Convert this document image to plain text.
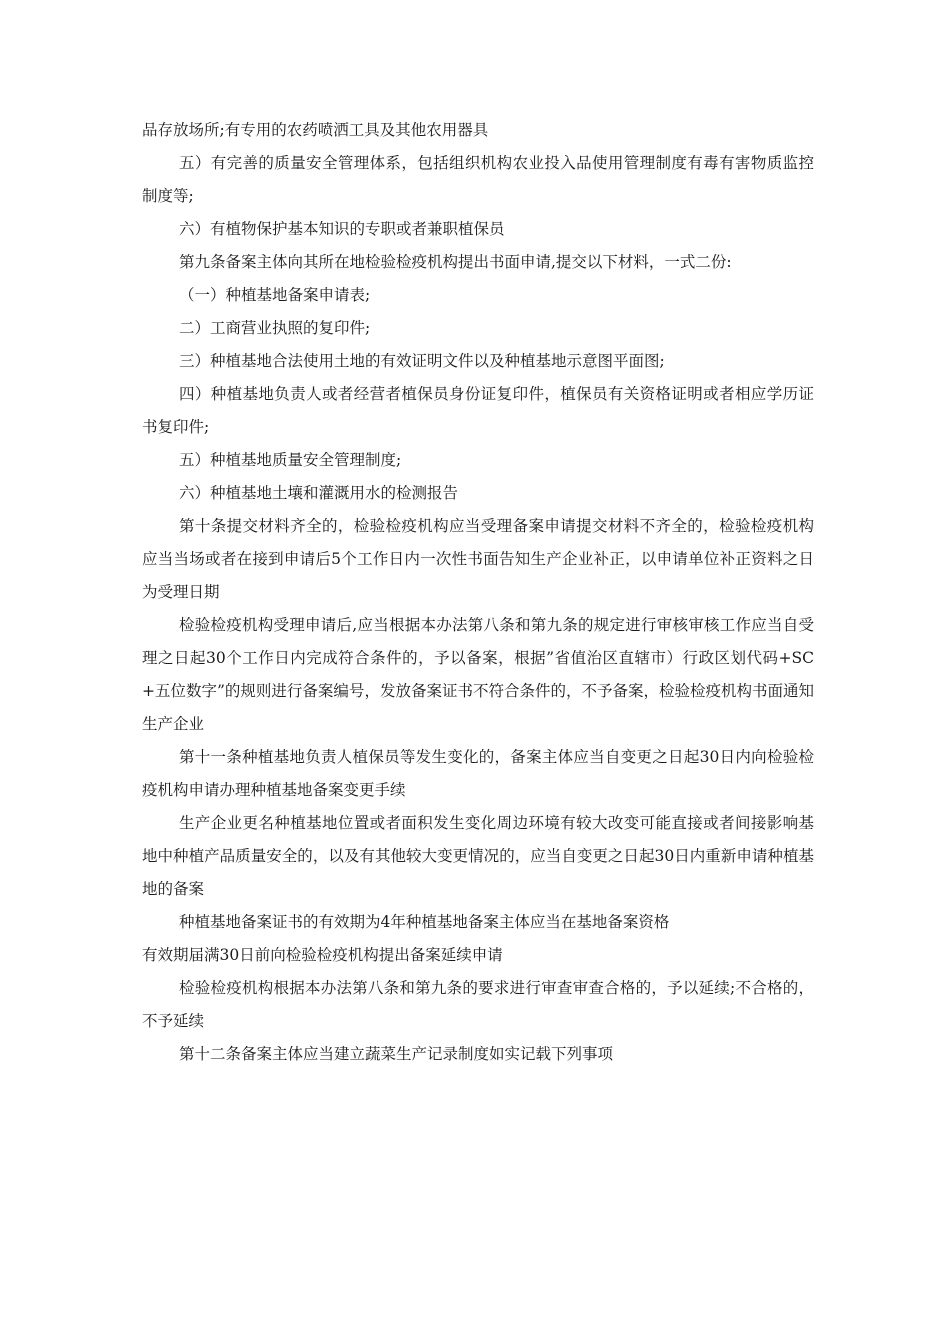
品存放场所;有专用的农药喷洒工具及其他农用器具

五）有完善的质量安全管理体系，包括组织机构农业投入品使用管理制度有毒有害物质监控制度等;

六）有植物保护基本知识的专职或者兼职植保员

第九条备案主体向其所在地检验检疫机构提出书面申请,提交以下材料，一式二份:

（一）种植基地备案申请表;

二）工商营业执照的复印件;

三）种植基地合法使用土地的有效证明文件以及种植基地示意图平面图;

四）种植基地负责人或者经营者植保员身份证复印件，植保员有关资格证明或者相应学历证书复印件;

五）种植基地质量安全管理制度;

六）种植基地土壤和灌溉用水的检测报告

第十条提交材料齐全的，检验检疫机构应当受理备案申请提交材料不齐全的，检验检疫机构应当当场或者在接到申请后5个工作日内一次性书面告知生产企业补正，以申请单位补正资料之日为受理日期

检验检疫机构受理申请后,应当根据本办法第八条和第九条的规定进行审核审核工作应当自受理之日起30个工作日内完成符合条件的，予以备案，根据”省值治区直辖市）行政区划代码+SC+五位数字”的规则进行备案编号，发放备案证书不符合条件的，不予备案，检验检疫机构书面通知生产企业

第十一条种植基地负责人植保员等发生变化的，备案主体应当自变更之日起30日内向检验检疫机构申请办理种植基地备案变更手续

生产企业更名种植基地位置或者面积发生变化周边环境有较大改变可能直接或者间接影响基地中种植产品质量安全的，以及有其他较大变更情况的，应当自变更之日起30日内重新申请种植基地的备案

种植基地备案证书的有效期为4年种植基地备案主体应当在基地备案资格

有效期届满30日前向检验检疫机构提出备案延续申请

检验检疫机构根据本办法第八条和第九条的要求进行审查审查合格的，予以延续;不合格的，不予延续

第十二条备案主体应当建立蔬菜生产记录制度如实记载下列事项
